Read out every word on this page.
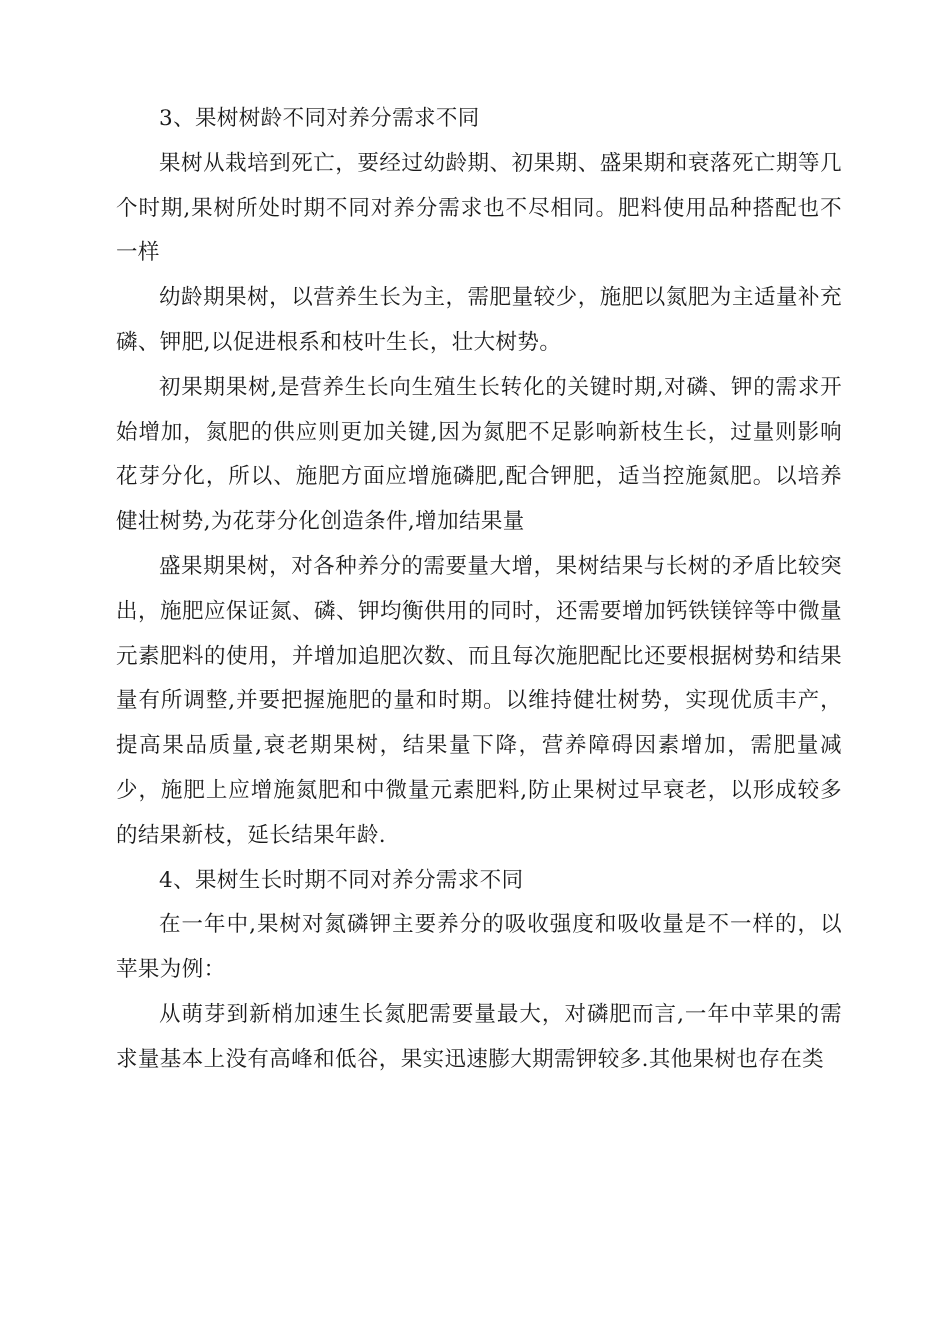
3、果树树龄不同对养分需求不同

果树从栽培到死亡，要经过幼龄期、初果期、盛果期和衰落死亡期等几个时期,果树所处时期不同对养分需求也不尽相同。肥料使用品种搭配也不一样

幼龄期果树，以营养生长为主，需肥量较少，施肥以氮肥为主适量补充磷、钾肥,以促进根系和枝叶生长，壮大树势。

初果期果树,是营养生长向生殖生长转化的关键时期,对磷、钾的需求开始增加，氮肥的供应则更加关键,因为氮肥不足影响新枝生长，过量则影响花芽分化，所以、施肥方面应增施磷肥,配合钾肥，适当控施氮肥。以培养健壮树势,为花芽分化创造条件,增加结果量

盛果期果树，对各种养分的需要量大增，果树结果与长树的矛盾比较突出，施肥应保证氮、磷、钾均衡供用的同时，还需要增加钙铁镁锌等中微量元素肥料的使用，并增加追肥次数、而且每次施肥配比还要根据树势和结果量有所调整,并要把握施肥的量和时期。以维持健壮树势，实现优质丰产，提高果品质量,衰老期果树，结果量下降，营养障碍因素增加，需肥量减少，施肥上应增施氮肥和中微量元素肥料,防止果树过早衰老，以形成较多的结果新枝，延长结果年龄.

4、果树生长时期不同对养分需求不同

在一年中,果树对氮磷钾主要养分的吸收强度和吸收量是不一样的，以苹果为例：

从萌芽到新梢加速生长氮肥需要量最大，对磷肥而言,一年中苹果的需求量基本上没有高峰和低谷，果实迅速膨大期需钾较多.其他果树也存在类
